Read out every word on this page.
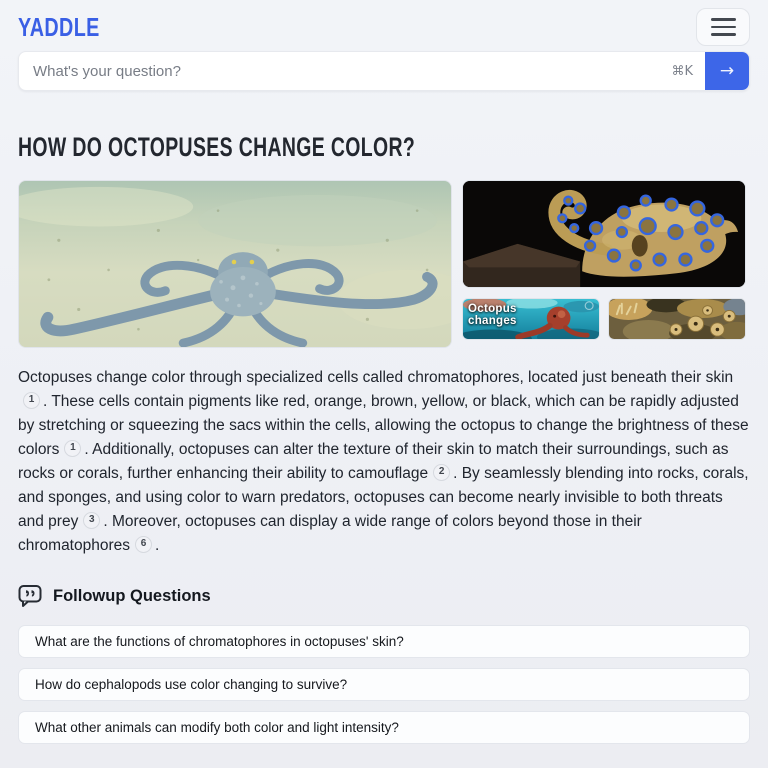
YADDLE
What's your question?
⌘K →
HOW DO OCTOPUSES CHANGE COLOR?
Octopus changes

Octopuses change color through specialized cells called chromatophores, located just beneath their skin1 . These cells contain pigments like red, orange, brown, yellow, or black, which can be rapidly adjusted by stretching or squeezing the sacs within the cells, allowing the octopus to change the brightness of these colors 1 . Additionally, octopuses can alter the texture of their skin to match their surroundings, such as rocks or corals, further enhancing their ability to camouflage 2 . By seamlessly blending into rocks, corals, and sponges, and using color to warn predators, octopuses can become nearly invisible to both threats and prey 3 . Moreover, octopuses can display a wide range of colors beyond those in their chromatophores 6 .

Followup Questions
What are the functions of chromatophores in octopuses' skin?
How do cephalopods use color changing to survive?
What other animals can modify both color and light intensity?
